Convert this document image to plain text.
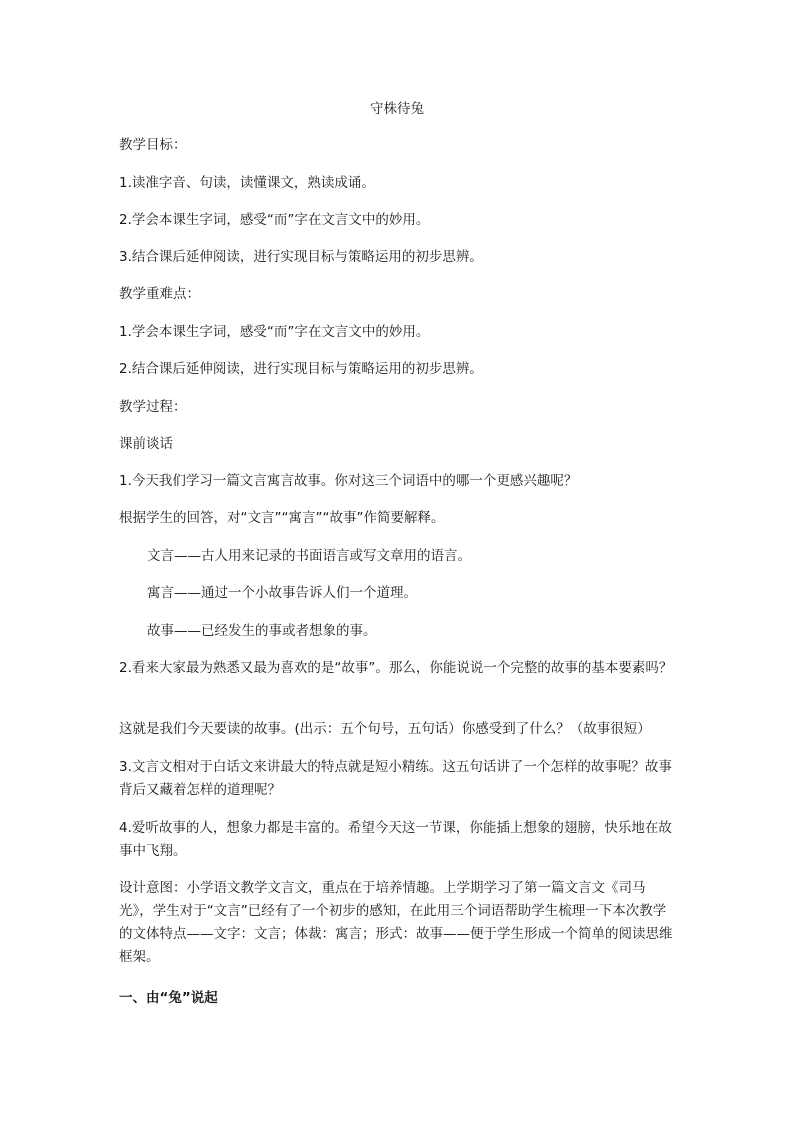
守株待兔
教学目标：
1.读准字音、句读，读懂课文，熟读成诵。
2.学会本课生字词，感受“而”字在文言文中的妙用。
3.结合课后延伸阅读，进行实现目标与策略运用的初步思辨。
教学重难点：
1.学会本课生字词，感受“而”字在文言文中的妙用。
2.结合课后延伸阅读，进行实现目标与策略运用的初步思辨。
教学过程：
课前谈话
1.今天我们学习一篇文言寓言故事。你对这三个词语中的哪一个更感兴趣呢？
根据学生的回答，对“文言”“寓言”“故事”作简要解释。
文言——古人用来记录的书面语言或写文章用的语言。
寓言——通过一个小故事告诉人们一个道理。
故事——已经发生的事或者想象的事。
2.看来大家最为熟悉又最为喜欢的是“故事”。那么，你能说说一个完整的故事的基本要素吗？
这就是我们今天要读的故事。(出示：五个句号，五句话）你感受到了什么？（故事很短）
3.文言文相对于白话文来讲最大的特点就是短小精练。这五句话讲了一个怎样的故事呢？故事背后又藏着怎样的道理呢？
4.爱听故事的人，想象力都是丰富的。希望今天这一节课，你能插上想象的翅膀，快乐地在故事中飞翔。
设计意图：小学语文教学文言文，重点在于培养情趣。上学期学习了第一篇文言文《司马光》，学生对于“文言”已经有了一个初步的感知，在此用三个词语帮助学生梳理一下本次教学的文体特点——文字：文言；体裁：寓言；形式：故事——便于学生形成一个简单的阅读思维框架。
一、由“兔”说起
